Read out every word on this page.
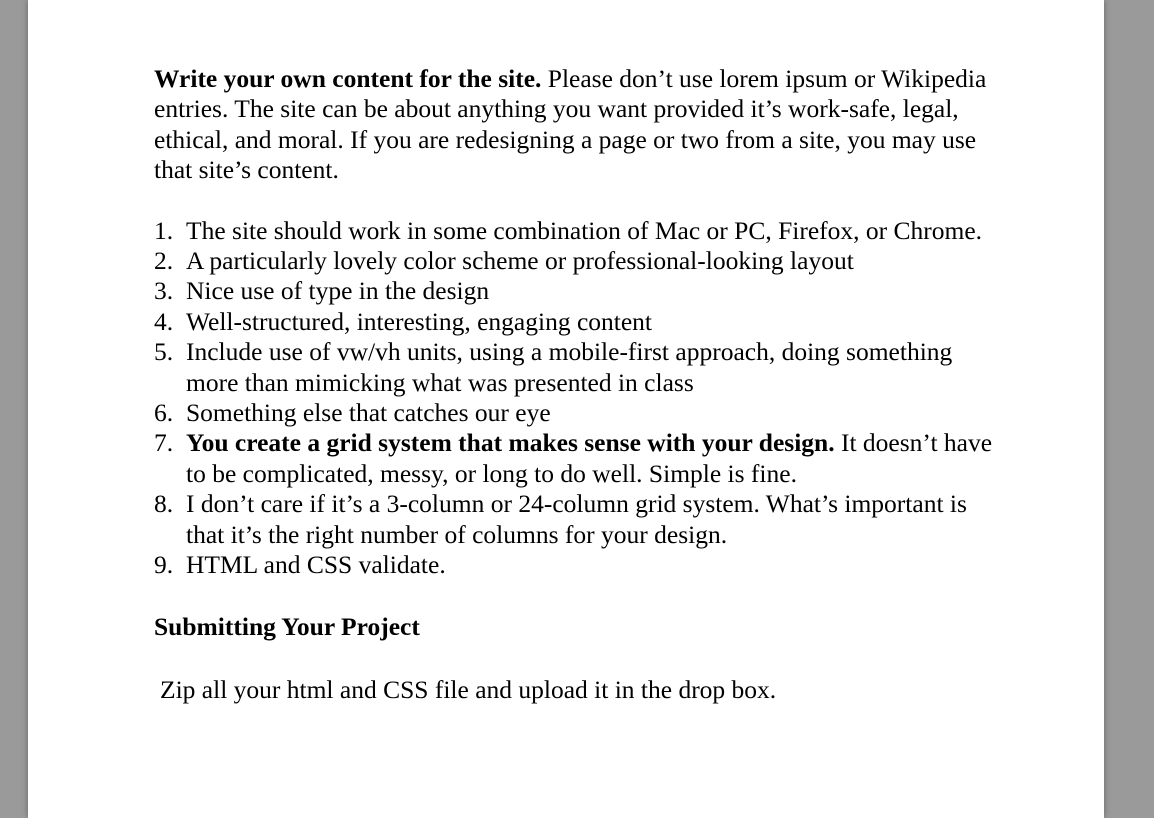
Write your own content for the site. Please don’t use lorem ipsum or Wikipedia entries. The site can be about anything you want provided it’s work-safe, legal, ethical, and moral. If you are redesigning a page or two from a site, you may use that site’s content.

1. The site should work in some combination of Mac or PC, Firefox, or Chrome.
2. A particularly lovely color scheme or professional-looking layout
3. Nice use of type in the design
4. Well-structured, interesting, engaging content
5. Include use of vw/vh units, using a mobile-first approach, doing something more than mimicking what was presented in class
6. Something else that catches our eye
7. You create a grid system that makes sense with your design. It doesn’t have to be complicated, messy, or long to do well. Simple is fine.
8. I don’t care if it’s a 3-column or 24-column grid system. What’s important is that it’s the right number of columns for your design.
9. HTML and CSS validate.

Submitting Your Project

Zip all your html and CSS file and upload it in the drop box.
